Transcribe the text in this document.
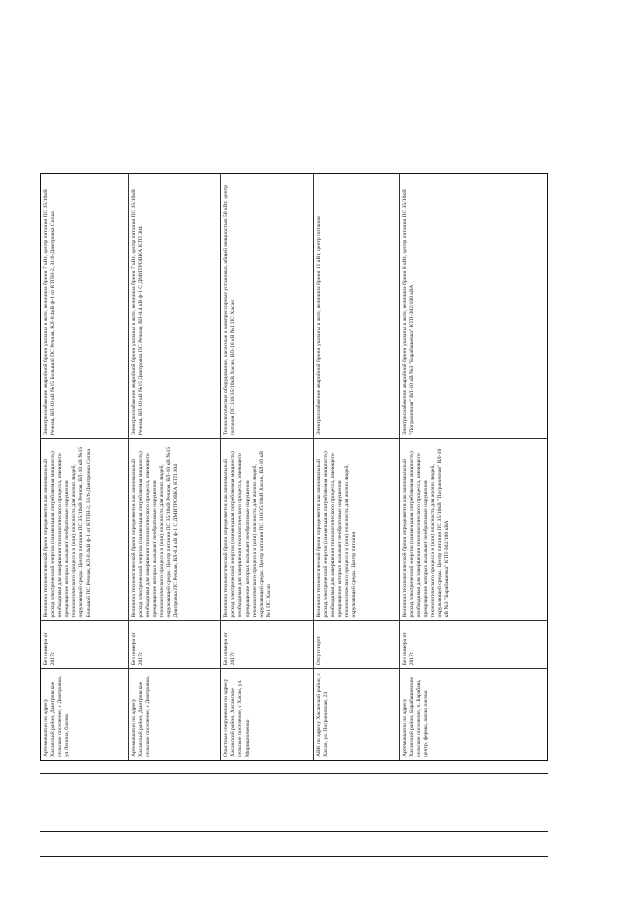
Артемовкатно по адресу Хасанский район, Дмитровское сельское поселение, с Дмитровка, ул Ленина, близко
Без номера от 2017г
Величина технологической брони определяется как минимальный расход электрической энергии (наименьшая потребляемая мощность) необходимая для завершения технологического процесса, имеющего прекращение которых вызывает необратимые нарушения технологического процесса и (или) опасность для жизни людей, окружающей среды. Центр питания ПС 35/10кВ Речная, ВЛ-10 кВ №15 Большой ПС Речная, КЛ-0.4кВ ф-1 от КТПН-2, 31/6-Дмитровка Сипка
Электроснабжение аварийной брони указаны в акте, величина брони 7 кВт, центр питания ПС 35/10кВ Речная, ВЛ-10 кВ №15 Большой ПС Речная, КЛ-0.4кВ ф-1 от КТПН-2, 31/6-Дмитровка Сипка
Артемовкатно по адресу Хасанский район, Дмитровское сельское поселение, с Дмитровка,
Без номера от 2017г
Величина технологической брони определяется как минимальный расход электрической энергии (наименьшая потребляемая мощность) необходимая для завершения технологического процесса, имеющего прекращение которых вызывает необратимые нарушения технологического процесса и (или) опасность для жизни людей, окружающей среды. Центр питания ПС 35/10кВ Речная, ВЛ-10 кВ №15 Дмитровка ПС Речная, ВЛ-0.4 кВ ф-1 С ДМИТРОВКА КТП 304
Электроснабжение аварийной брони указаны в акте, величина брони 7 кВт, центр питания ПС 35/10кВ Речная, ВЛ-10 кВ №15 Дмитровка ПС Речная, ВЛ-0.4 кВ ф-1 С ДМИТРОВКА КТП 304
Очистные сооружения по адресу Хасанский район, Хасанское сельское поселение, с Хасан, ул. Мирошниченко
Без номера от 2017г
Величина технологической брони определяется как минимальный расход электрической энергии (наименьшая потребляемая мощность) необходимая для завершения технологического процесса, имеющего прекращение которых вызывает необратимые нарушения технологического процесса и (или) опасность для жизни людей, окружающей среды. Центр питания ПС 110/35/10кВ Хасан, ВЛ-10 кВ №1 ПС Хасан
Технологическое оборудование, насосные и компрессорные установки, общей мощностью 50 кВт, центр питания ПС 110/35/10кВ Хасан, ВЛ-10 кВ №1 ПС Хасан
АВК по адресу Хасанский район, с Хасан, ул. Пограничная, 23
Отсутствует
Величина технологической брони определяется как минимальный расход электрической энергии (наименьшая потребляемая мощность) необходимая для завершения технологического процесса, имеющего прекращение которых вызывает необратимые нарушения технологического процесса и (или) опасность для жизни людей, окружающей среды. Центр питания
Электроснабжение аварийной брони указаны в акте, величина брони 11 кВт, центр питания
Артемовкатно по адресу Хасанский район, Барабашевское сельское поселение, п. Барабаш, центр, фермы, около пасеки
Без номера от 2017г
Величина технологической брони определяется как минимальный расход электрической энергии (наименьшая потребляемая мощность) необходимая для завершения технологического процесса, имеющего прекращение которых вызывает необратимые нарушения технологического процесса и (или) опасность для жизни людей, окружающей среды. Центр питания ПС 35/10кВ "Пограничная" ВЛ-10 кВ №3 "Барабашевка" КТП-302/100 кВА
Электроснабжение аварийной брони указаны в акте, величина брони 8 кВт, центр питания ПС 35/10кВ "Пограничная" ВЛ-10 кВ №3 "Барабашевка" КТП-302/100 кВА
